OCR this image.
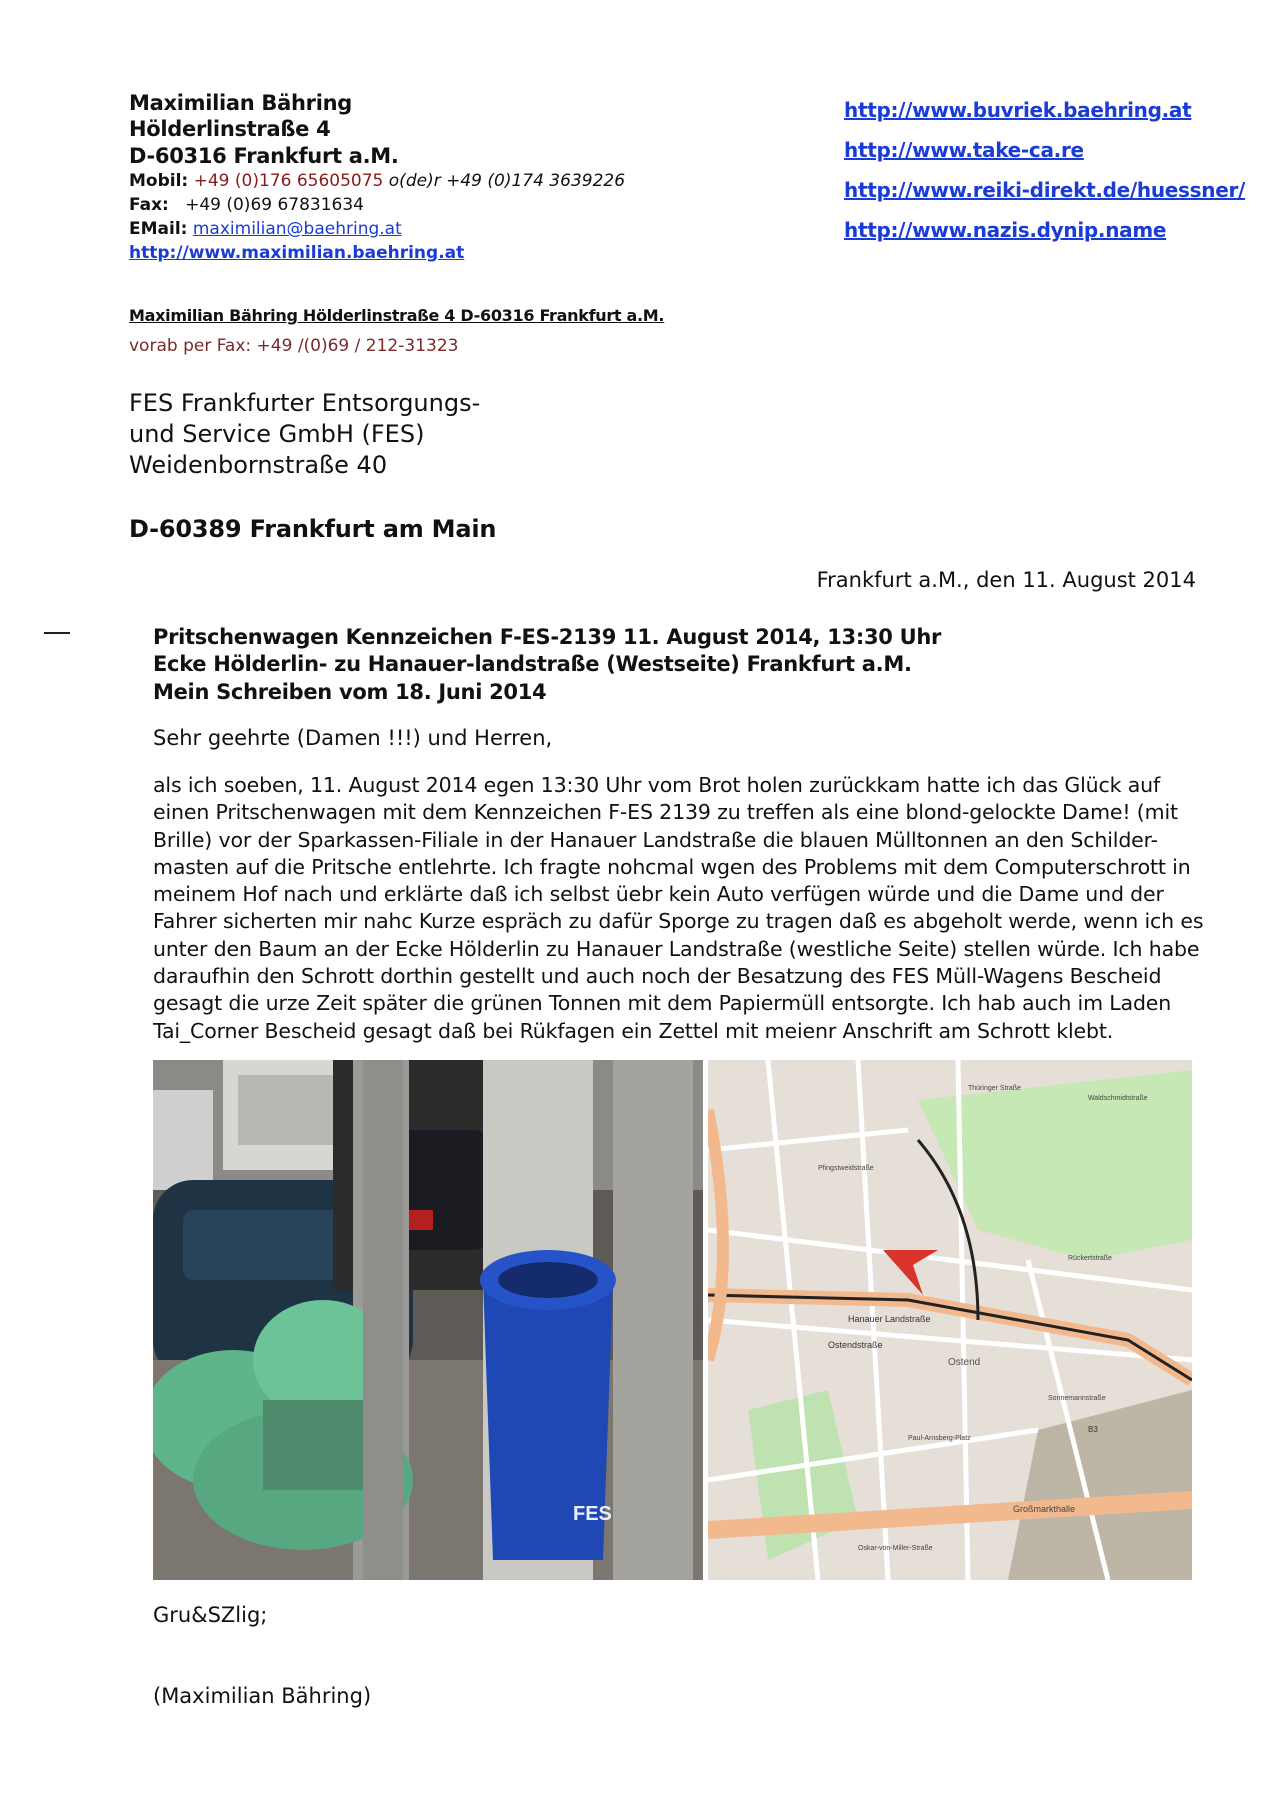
Maximilian Bähring
Hölderlinstraße 4
D-60316 Frankfurt a.M.
Mobil: +49 (0)176 65605075 o(de)r +49 (0)174 3639226
Fax: +49 (0)69 67831634
EMail: maximilian@baehring.at
http://www.maximilian.baehring.at
http://www.buvriek.baehring.at
http://www.take-ca.re
http://www.reiki-direkt.de/huessner/
http://www.nazis.dynip.name
Maximilian Bähring Hölderlinstraße 4 D-60316 Frankfurt a.M.
vorab per Fax: +49 /(0)69 / 212-31323
FES Frankfurter Entsorgungs-
und Service GmbH (FES)
Weidenbornstraße 40
D-60389 Frankfurt am Main
Frankfurt a.M., den 11. August 2014
Pritschenwagen Kennzeichen F-ES-2139 11. August 2014, 13:30 Uhr
Ecke Hölderlin- zu Hanauer-landstraße (Westseite) Frankfurt a.M.
Mein Schreiben vom 18. Juni 2014
Sehr geehrte (Damen !!!) und Herren,
als ich soeben, 11. August 2014 egen 13:30 Uhr vom Brot holen zurückkam hatte ich das Glück auf einen Pritschenwagen mit dem Kennzeichen F-ES 2139 zu treffen als eine blond-gelockte Dame! (mit Brille) vor der Sparkassen-Filiale in der Hanauer Landstraße die blauen Mülltonnen an den Schilder-masten auf die Pritsche entlehrte. Ich fragte nohcmal wgen des Problems mit dem Computerschrott in meinem Hof nach und erklärte daß ich selbst üebr kein Auto verfügen würde und die Dame und der Fahrer sicherten mir nahc Kurze espräch zu dafür Sporge zu tragen daß es abgeholt werde, wenn ich es unter den Baum an der Ecke Hölderlin zu Hanauer Landstraße (westliche Seite) stellen würde. Ich habe daraufhin den Schrott dorthin gestellt und auch noch der Besatzung des FES Müll-Wagens Bescheid gesagt die urze Zeit später die grünen Tonnen mit dem Papiermüll entsorgte. Ich hab auch im Laden Tai_Corner Bescheid gesagt daß bei Rükfagen ein Zettel mit meienr Anschrift am Schrott klebt.
FES
Hanauer Landstraße
Ostendstraße
Ostend
Großmarkthalle
Thüringer Straße
Pfingstweidstraße
Paul-Arnsberg-Platz
Oskar-von-Miller-Straße
Sonnemannstraße
Waldschmidtstraße
Rückertstraße
B3
Gru&SZlig;
(Maximilian Bähring)
